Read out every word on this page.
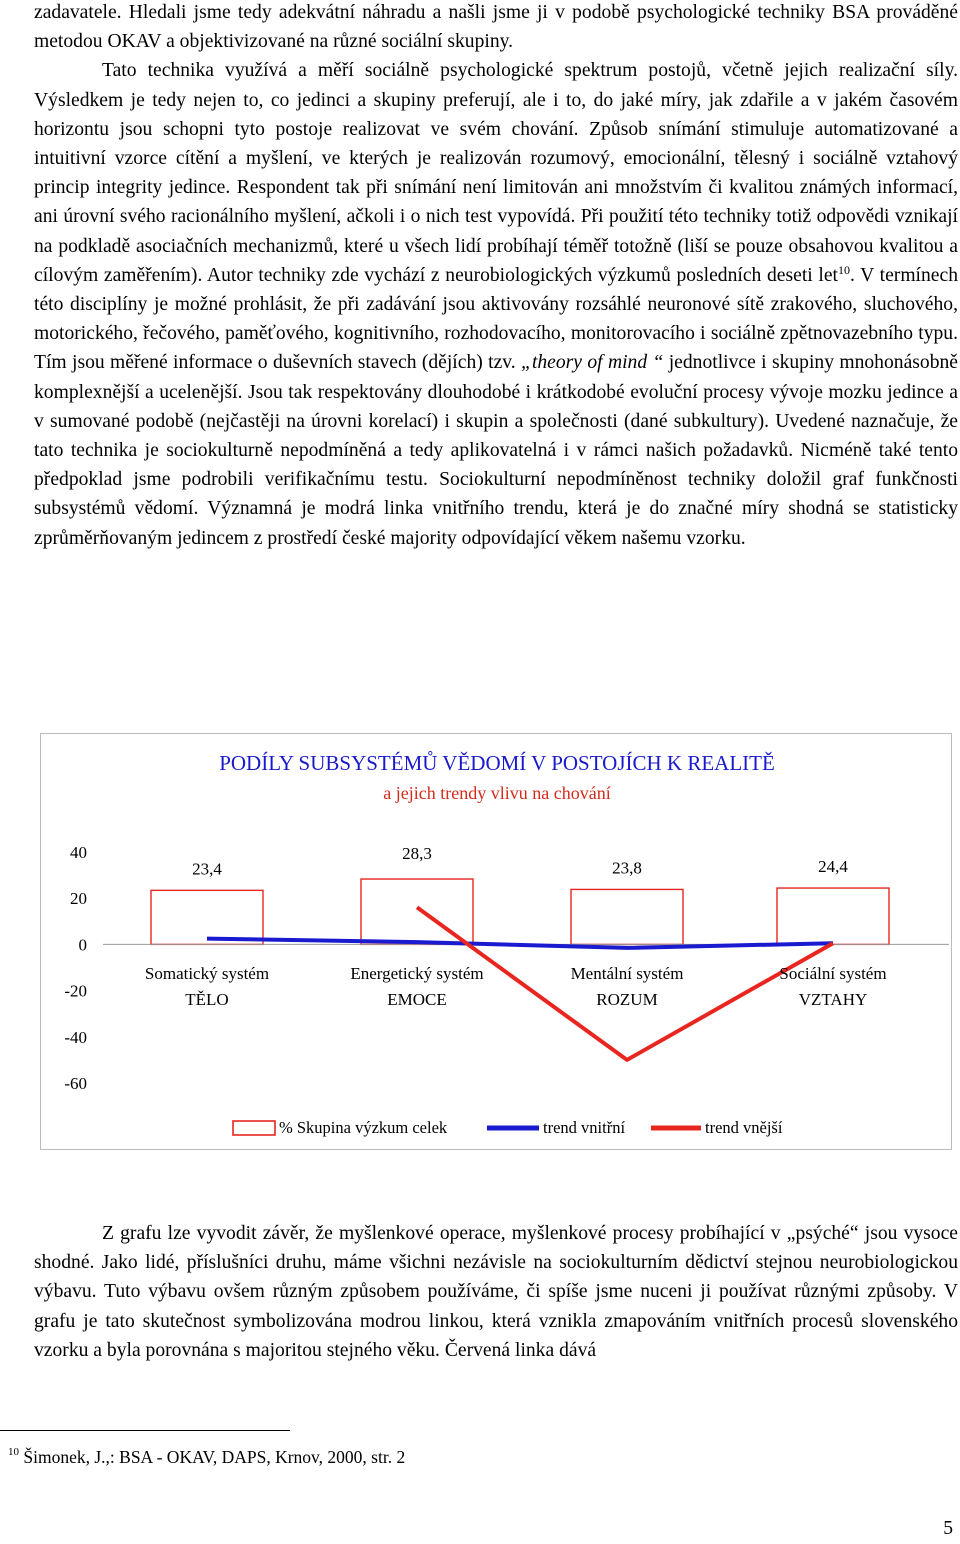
zadavatele. Hledali jsme tedy adekvátní náhradu a našli jsme ji v podobě psychologické techniky BSA prováděné metodou OKAV a objektivizované na různé sociální skupiny.
Tato technika využívá a měří sociálně psychologické spektrum postojů, včetně jejich realizační síly. Výsledkem je tedy nejen to, co jedinci a skupiny preferují, ale i to, do jaké míry, jak zdařile a v jakém časovém horizontu jsou schopni tyto postoje realizovat ve svém chování. Způsob snímání stimuluje automatizované a intuitivní vzorce cítění a myšlení, ve kterých je realizován rozumový, emocionální, tělesný i sociálně vztahový princip integrity jedince. Respondent tak při snímání není limitován ani množstvím či kvalitou známých informací, ani úrovní svého racionálního myšlení, ačkoli i o nich test vypovídá. Při použití této techniky totiž odpovědi vznikají na podkladě asociačních mechanizmů, které u všech lidí probíhají téměř totožně (liší se pouze obsahovou kvalitou a cílovým zaměřením). Autor techniky zde vychází z neurobiologických výzkumů posledních deseti let$^{10}$. V termínech této disciplíny je možné prohlásit, že při zadávání jsou aktivovány rozsáhlé neuronové sítě zrakového, sluchového, motorického, řečového, paměťového, kognitivního, rozhodovacího, monitorovacího i sociálně zpětnovazebního typu. Tím jsou měřené informace o duševních stavech (dějích) tzv. „theory of mind “ jednotlivce i skupiny mnohonásobně komplexnější a ucelenější. Jsou tak respektovány dlouhodobé i krátkodobé evoluční procesy vývoje mozku jedince a v sumované podobě (nejčastěji na úrovni korelací) i skupin a společnosti (dané subkultury). Uvedené naznačuje, že tato technika je sociokulturně nepodmíněná a tedy aplikovatelná i v rámci našich požadavků. Nicméně také tento předpoklad jsme podrobili verifikačnímu testu. Sociokulturní nepodmíněnost techniky doložil graf funkčnosti subsystémů vědomí. Významná je modrá linka vnitřního trendu, která je do značné míry shodná se statisticky zprůměrňovaným jedincem z prostředí české majority odpovídající věkem našemu vzorku.

PODÍLY SUBSYSTÉMŮ VĚDOMÍ V POSTOJÍCH K REALITĚ
a jejich trendy vlivu na chování
23,4
28,3
23,8	24,4
40
20
0
-20
-40
-60
Somatický systém
TĚLO
Energetický systém
EMOCE
Mentální systém
ROZUM
Sociální systém
VZTAHY
% Skupina výzkum celek	trend vnitřní	trend vnější

Z grafu lze vyvodit závěr, že myšlenkové operace, myšlenkové procesy probíhající v „psýché“ jsou vysoce shodné. Jako lidé, příslušníci druhu, máme všichni nezávisle na sociokulturním dědictví stejnou neurobiologickou výbavu. Tuto výbavu ovšem různým způsobem používáme, či spíše jsme nuceni ji používat různými způsoby. V grafu je tato skutečnost symbolizována modrou linkou, která vznikla zmapováním vnitřních procesů slovenského vzorku a byla porovnána s majoritou stejného věku. Červená linka dává

$^{10}$ Šimonek, J.,: BSA - OKAV, DAPS, Krnov, 2000, str. 2
5
